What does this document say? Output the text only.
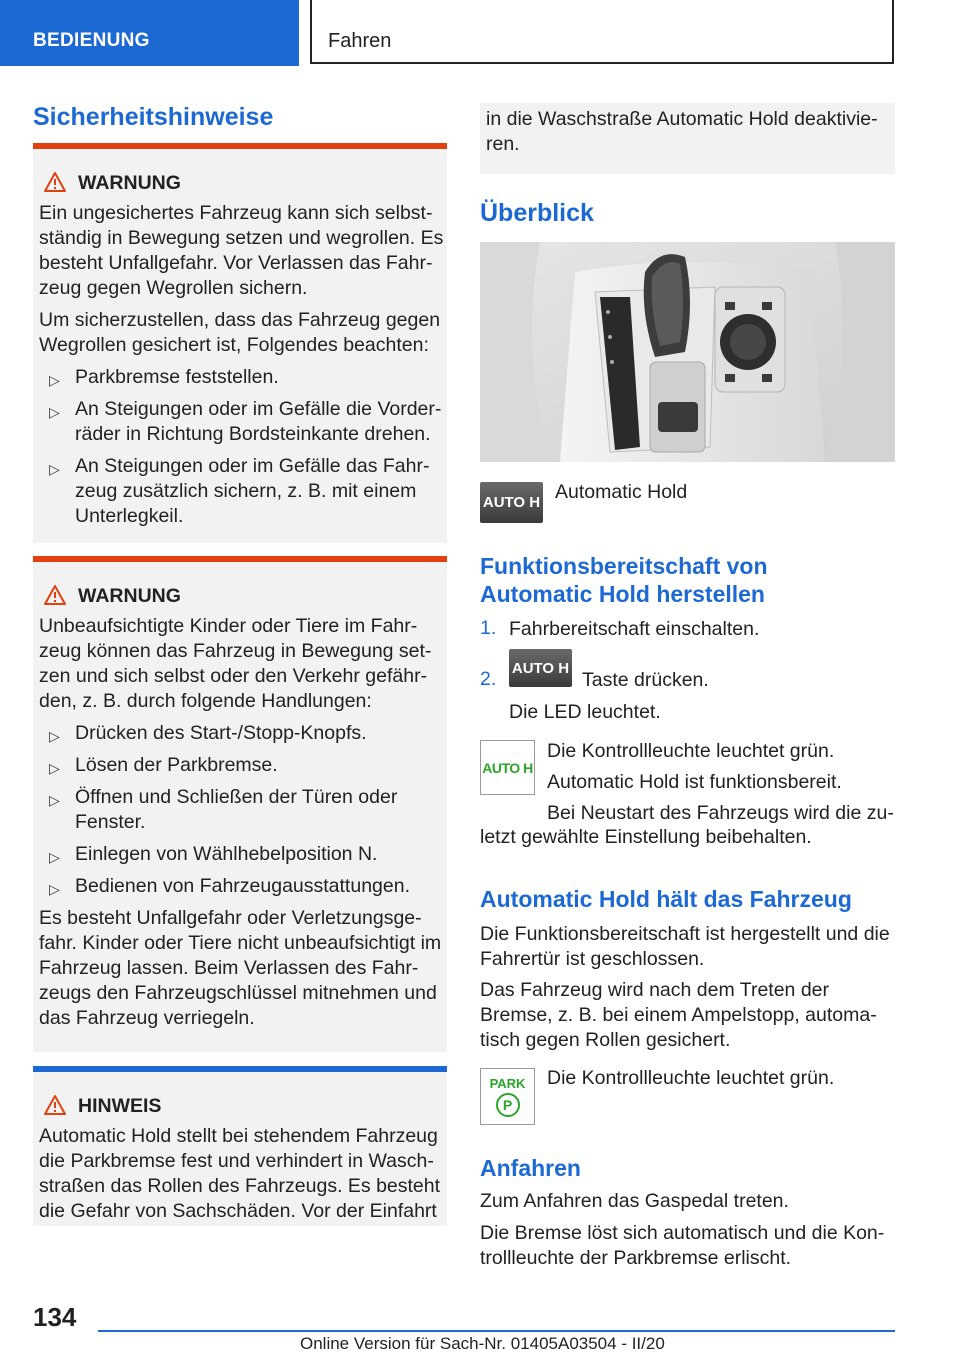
BEDIENUNG	Fahren
Sicherheitshinweise
WARNUNG

Ein ungesichertes Fahrzeug kann sich selbst-
ständig in Bewegung setzen und wegrollen. Es
besteht Unfallgefahr. Vor Verlassen das Fahr-
zeug gegen Wegrollen sichern.

Um sicherzustellen, dass das Fahrzeug gegen
Wegrollen gesichert ist, Folgendes beachten:

▷ Parkbremse feststellen.
▷ An Steigungen oder im Gefälle die Vorder-
räder in Richtung Bordsteinkante drehen.
▷ An Steigungen oder im Gefälle das Fahr-
zeug zusätzlich sichern, z. B. mit einem
Unterlegkeil.
WARNUNG

Unbeaufsichtigte Kinder oder Tiere im Fahr-
zeug können das Fahrzeug in Bewegung set-
zen und sich selbst oder den Verkehr gefähr-
den, z. B. durch folgende Handlungen:

▷ Drücken des Start-/Stopp-Knopfs.
▷ Lösen der Parkbremse.
▷ Öffnen und Schließen der Türen oder
Fenster.
▷ Einlegen von Wählhebelposition N.
▷ Bedienen von Fahrzeugausstattungen.

Es besteht Unfallgefahr oder Verletzungsge-
fahr. Kinder oder Tiere nicht unbeaufsichtigt im
Fahrzeug lassen. Beim Verlassen des Fahr-
zeugs den Fahrzeugschlüssel mitnehmen und
das Fahrzeug verriegeln.

HINWEIS

Automatic Hold stellt bei stehendem Fahrzeug
die Parkbremse fest und verhindert in Wasch-
straßen das Rollen des Fahrzeugs. Es besteht
die Gefahr von Sachschäden. Vor der Einfahrt

in die Waschstraße Automatic Hold deaktivie-
ren.

Überblick
AUTO H Automatic Hold
Funktionsbereitschaft von
Automatic Hold herstellen
1. Fahrbereitschaft einschalten.
2. AUTO H
Taste drücken.
Die LED leuchtet.
AUTO H
Die Kontrollleuchte leuchtet grün.
Automatic Hold ist funktionsbereit.
Bei Neustart des Fahrzeugs wird die zu-
letzt gewählte Einstellung beibehalten.
Automatic Hold hält das Fahrzeug

Die Funktionsbereitschaft ist hergestellt und die
Fahrertür ist geschlossen.

Das Fahrzeug wird nach dem Treten der
Bremse, z. B. bei einem Ampelstopp, automa-
tisch gegen Rollen gesichert.

PARK
P
Die Kontrollleuchte leuchtet grün.
Anfahren
Zum Anfahren das Gaspedal treten.

Die Bremse löst sich automatisch und die Kon-
trollleuchte der Parkbremse erlischt.

134
Online Version für Sach-Nr. 01405A03504 - II/20
